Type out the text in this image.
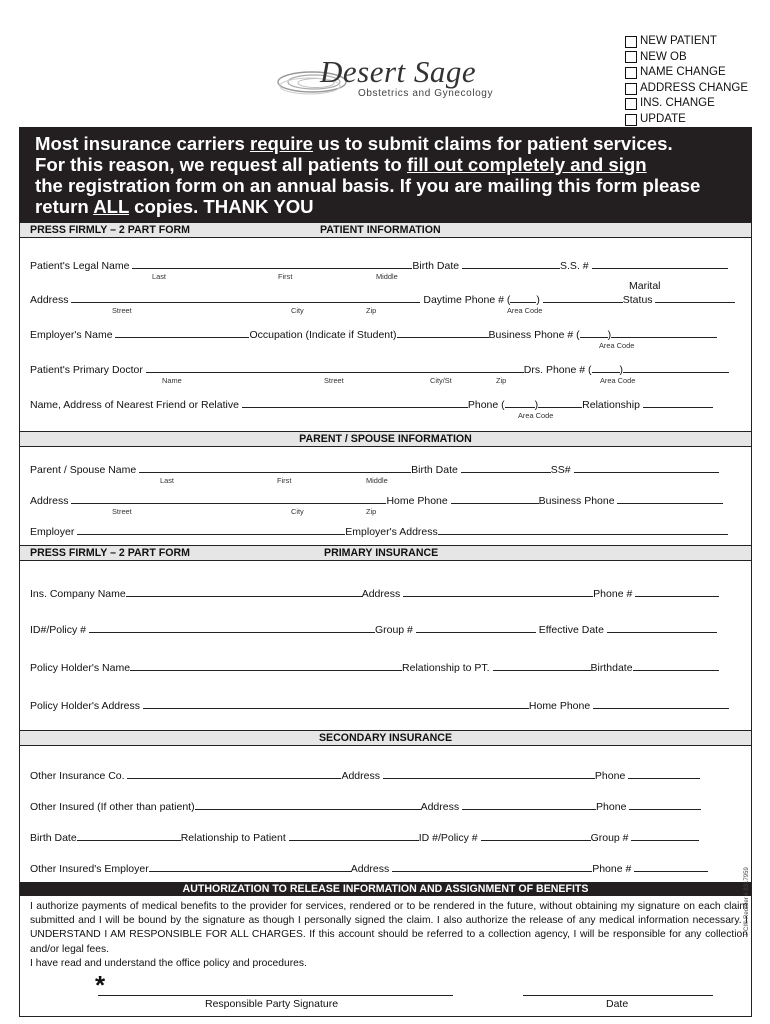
NEW PATIENT
NEW OB
NAME CHANGE
ADDRESS CHANGE
INS. CHANGE
UPDATE
Desert Sage
Obstetrics and Gynecology
Most insurance carriers require us to submit claims for patient services.
For this reason, we request all patients to fill out completely and sign
the registration form on an annual basis. If you are mailing this form please
return ALL copies. THANK YOU
PRESS FIRMLY – 2 PART FORM	PATIENT INFORMATION
Patient's Legal Name	Birth Date	S.S. #
Last	First	Middle
Marital
Address	Daytime Phone # ( )	Status
Street	City	Zip	Area Code
Employer's Name	Occupation (Indicate if Student)	Business Phone # (	)
Area Code
Patient's Primary Doctor	Drs. Phone # (	)
Name	Street	City/St	Zip	Area Code
Name, Address of Nearest Friend or Relative	Phone (	)	Relationship
Area Code
PARENT / SPOUSE INFORMATION
Parent / Spouse Name	Birth Date	SS#
Last	First	Middle
Address	Home Phone	Business Phone
Street	City	Zip
Employer	Employer's Address
PRESS FIRMLY – 2 PART FORM	PRIMARY INSURANCE
Ins. Company Name	Address	Phone #
ID#/Policy #	Group #	Effective Date
Policy Holder's Name	Relationship to PT.	Birthdate
Policy Holder's Address	Home Phone
SECONDARY INSURANCE
Other Insurance Co.	Address	Phone
Other Insured (If other than patient)	Address	Phone
Birth Date	Relationship to Patient	ID #/Policy #	Group #
Other Insured's Employer	Address	Phone #
AUTHORIZATION TO RELEASE INFORMATION AND ASSIGNMENT OF BENEFITS
I authorize payments of medical benefits to the provider for services, rendered or to be rendered in the future, without obtaining my signature on each claim submitted and I will be bound by the signature as though I personally signed the claim. I also authorize the release of any medical information necessary. I UNDERSTAND I AM RESPONSIBLE FOR ALL CHARGES. If this account should be referred to a collection agency, I will be responsible for any collection and/or legal fees.
I have read and understand the office policy and procedures.
PCI® Reorder # 8317959
*
Responsible Party Signature	Date
